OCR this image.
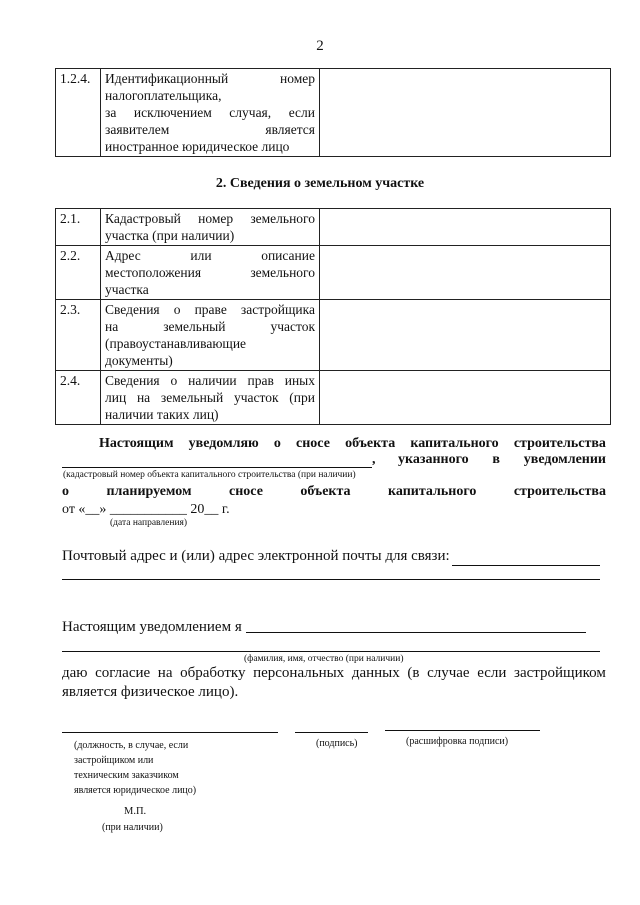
2
1.2.4.	Идентификационный номер
налогоплательщика,
за исключением случая, если
заявителем является
иностранное юридическое лицо

2. Сведения о земельном участке
2.1.	Кадастровый номер земельного
участка (при наличии)	

2.2.	Адрес или описание
местоположения земельного
участка	

2.3.	Сведения о праве застройщика
на земельный участок
(правоустанавливающие
документы)	

2.4.	Сведения о наличии прав иных
лиц на земельный участок (при
наличии таких лиц)	

Настоящим уведомляю о сносе объекта капитального строительства
, указанного в уведомлении
(кадастровый номер объекта капитального строительства (при наличии)
о	планируемом	сносе	объекта	капитального	строительства
от «__» ___________ 20__ г.
(дата направления)
Почтовый адрес и (или) адрес электронной почты для связи:
Настоящим уведомлением я
(фамилия, имя, отчество (при наличии)
даю согласие на обработку персональных данных (в случае если застройщиком
является физическое лицо).
(должность, в случае, если
застройщиком или
техническим заказчиком
является юридическое лицо)
(подпись)	(расшифровка подписи)
М.П.
(при наличии)
